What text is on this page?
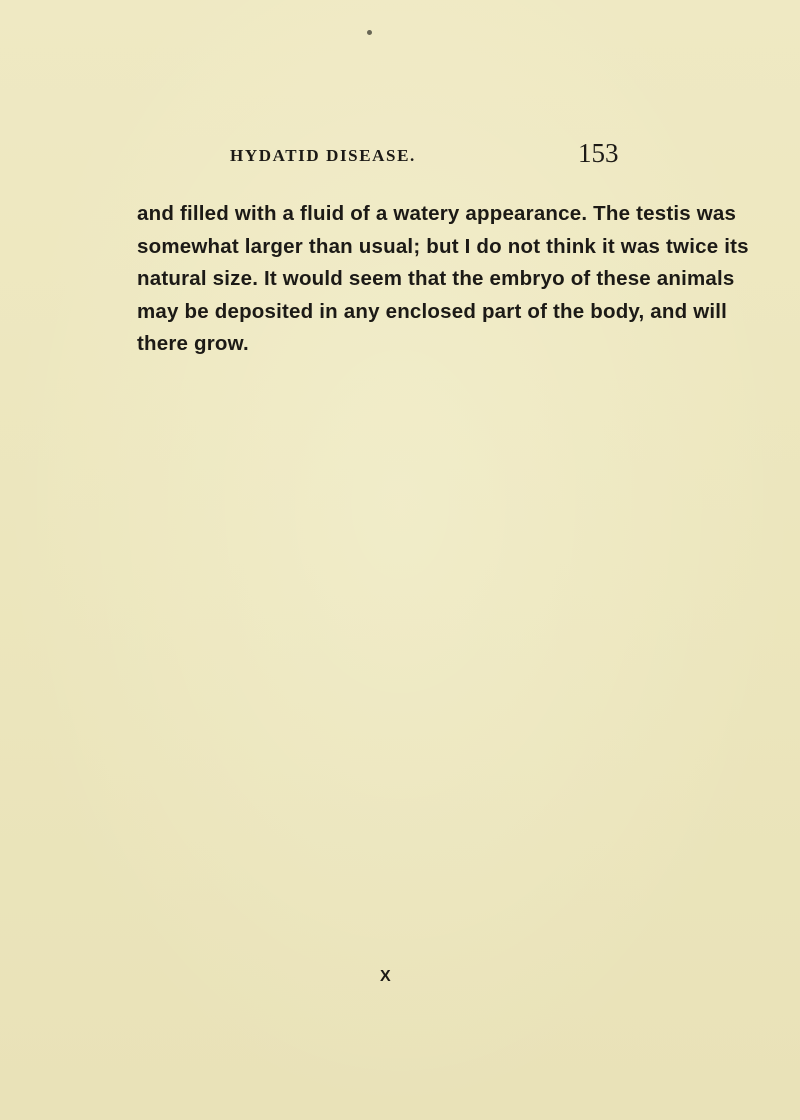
HYDATID DISEASE.	153

and filled with a fluid of a watery appearance. The testis was
somewhat larger than usual; but I do not think it was twice its
natural size. It would seem that the embryo of these animals
may be deposited in any enclosed part of the body, and will
there grow.

X
